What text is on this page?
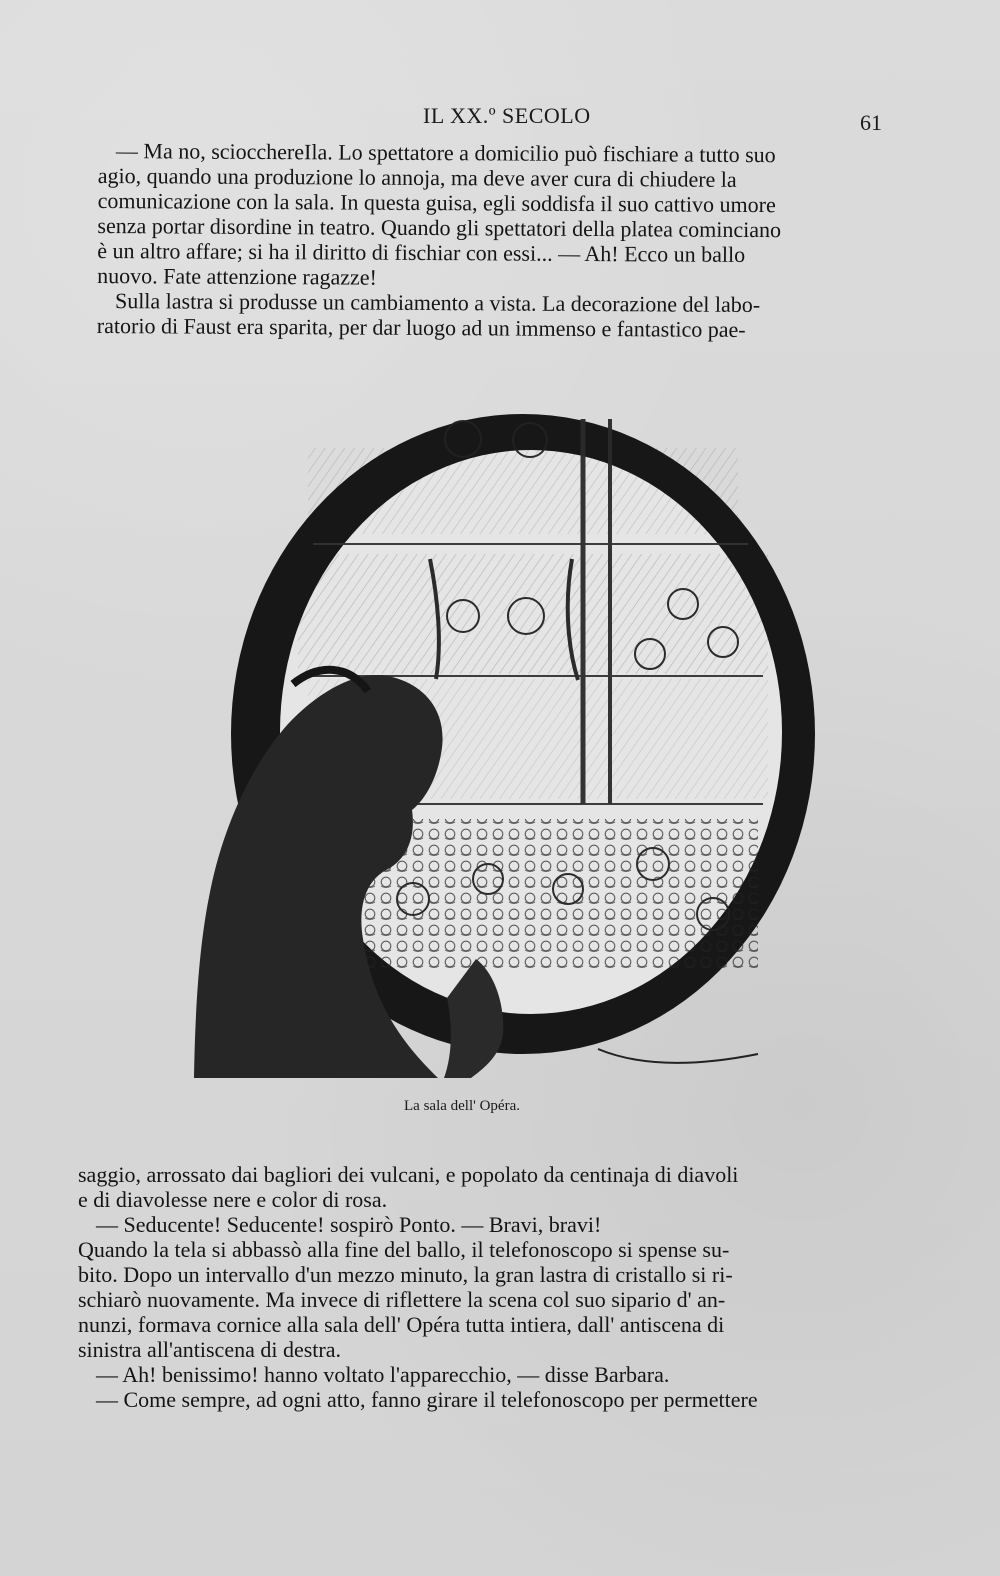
IL XX.º SECOLO	61
— Ma no, sciocchereIla. Lo spettatore a domicilio può fischiare a tutto suo
agio, quando una produzione lo annoja, ma deve aver cura di chiudere la
comunicazione con la sala. In questa guisa, egli soddisfa il suo cattivo umore
senza portar disordine in teatro. Quando gli spettatori della platea cominciano
è un altro affare; si ha il diritto di fischiar con essi... — Ah! Ecco un ballo
nuovo. Fate attenzione ragazze!
Sulla lastra si produsse un cambiamento a vista. La decorazione del labo-
ratorio di Faust era sparita, per dar luogo ad un immenso e fantastico pae-
La sala dell' Opéra.
saggio, arrossato dai bagliori dei vulcani, e popolato da centinaja di diavoli
e di diavolesse nere e color di rosa.
— Seducente! Seducente! sospirò Ponto. — Bravi, bravi!
Quando la tela si abbassò alla fine del ballo, il telefonoscopo si spense su-
bito. Dopo un intervallo d'un mezzo minuto, la gran lastra di cristallo si ri-
schiarò nuovamente. Ma invece di riflettere la scena col suo sipario d' an-
nunzi, formava cornice alla sala dell' Opéra tutta intiera, dall' antiscena di
sinistra all'antiscena di destra.
— Ah! benissimo! hanno voltato l'apparecchio, — disse Barbara.
— Come sempre, ad ogni atto, fanno girare il telefonoscopo per permettere
